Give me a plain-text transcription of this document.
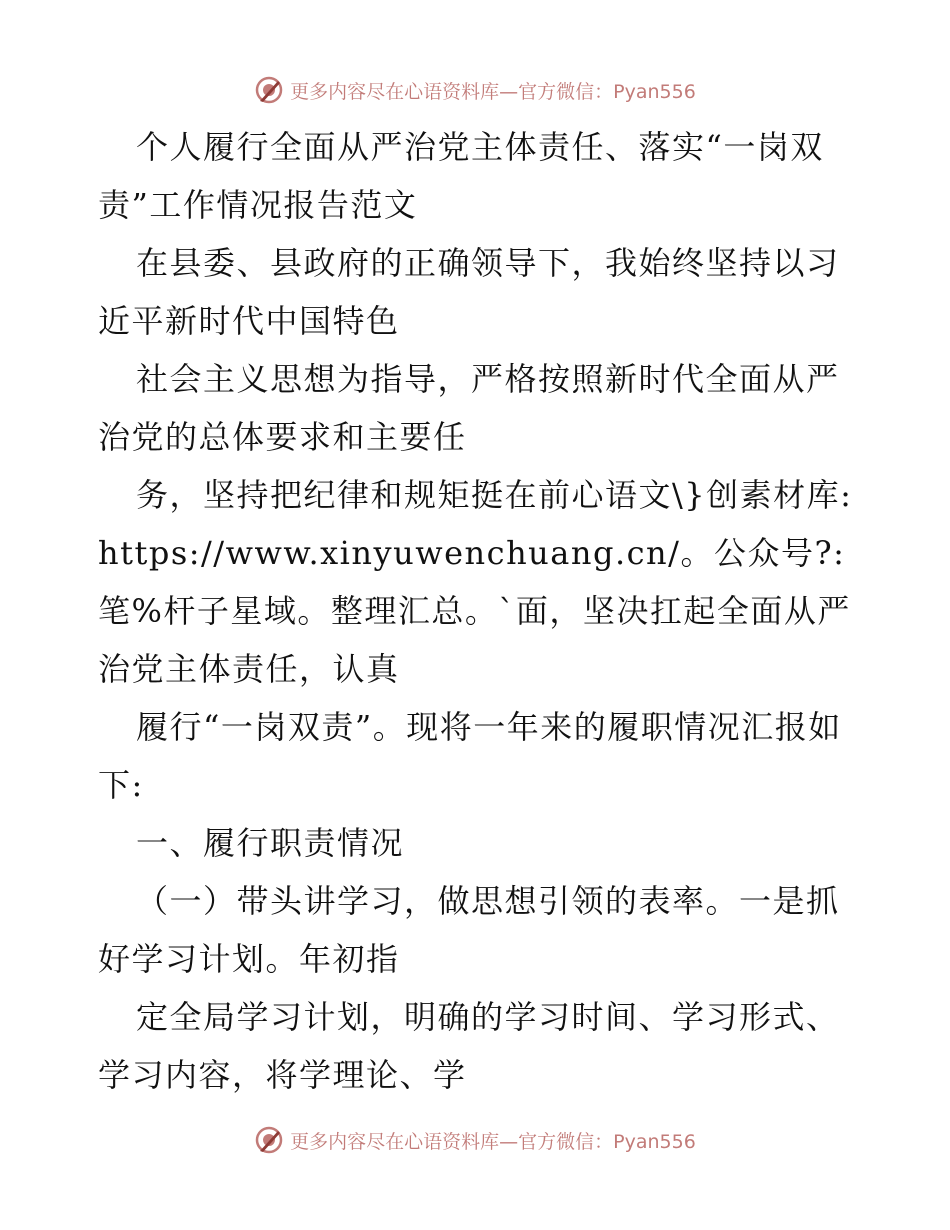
更多内容尽在心语资料库—官方微信：Pyan556

个人履行全面从严治党主体责任、落实“一岗双责”工作情况报告范文

在县委、县政府的正确领导下，我始终坚持以习近平新时代中国特色

社会主义思想为指导，严格按照新时代全面从严治党的总体要求和主要任

务，坚持把纪律和规矩挺在前心语文\}创素材库: https://www.xinyuwenchuang.cn/。公众号?: 笔%杆子星域。整理汇总。`面，坚决扛起全面从严治党主体责任，认真

履行“一岗双责”。现将一年来的履职情况汇报如下:

一、履行职责情况

（一）带头讲学习，做思想引领的表率。一是抓好学习计划。年初指

定全局学习计划，明确的学习时间、学习形式、学习内容，将学理论、学

更多内容尽在心语资料库—官方微信：Pyan556
